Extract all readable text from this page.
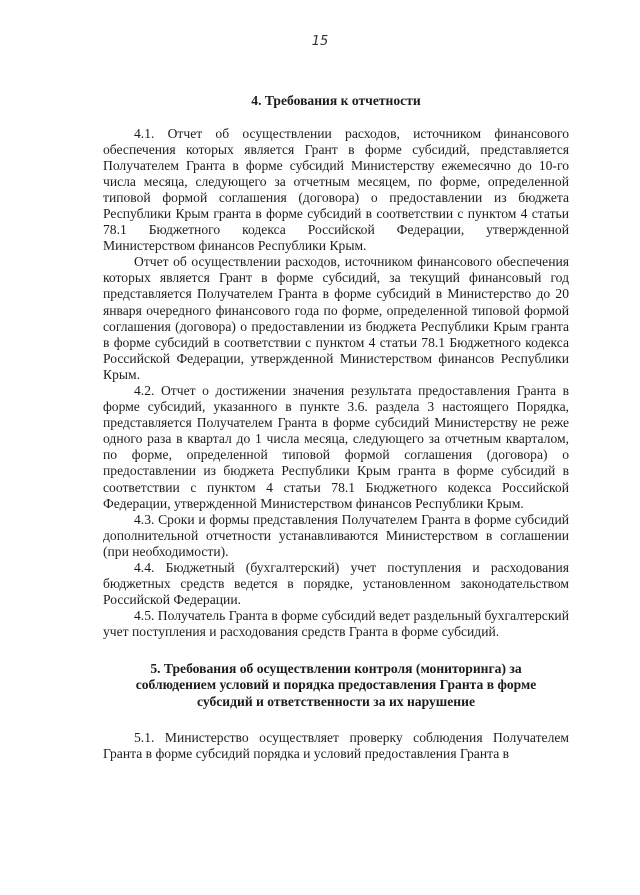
15
4. Требования к отчетности

4.1. Отчет об осуществлении расходов, источником финансового обеспечения которых является Грант в форме субсидий, представляется Получателем Гранта в форме субсидий Министерству ежемесячно до 10-го числа месяца, следующего за отчетным месяцем, по форме, определенной типовой формой соглашения (договора) о предоставлении из бюджета Республики Крым гранта в форме субсидий в соответствии с пунктом 4 статьи 78.1 Бюджетного кодекса Российской Федерации, утвержденной Министерством финансов Республики Крым.

Отчет об осуществлении расходов, источником финансового обеспечения которых является Грант в форме субсидий, за текущий финансовый год представляется Получателем Гранта в форме субсидий в Министерство до 20 января очередного финансового года по форме, определенной типовой формой соглашения (договора) о предоставлении из бюджета Республики Крым гранта в форме субсидий в соответствии с пунктом 4 статьи 78.1 Бюджетного кодекса Российской Федерации, утвержденной Министерством финансов Республики Крым.

4.2. Отчет о достижении значения результата предоставления Гранта в форме субсидий, указанного в пункте 3.6. раздела 3 настоящего Порядка, представляется Получателем Гранта в форме субсидий Министерству не реже одного раза в квартал до 1 числа месяца, следующего за отчетным кварталом, по форме, определенной типовой формой соглашения (договора) о предоставлении из бюджета Республики Крым гранта в форме субсидий в соответствии с пунктом 4 статьи 78.1 Бюджетного кодекса Российской Федерации, утвержденной Министерством финансов Республики Крым.

4.3. Сроки и формы представления Получателем Гранта в форме субсидий дополнительной отчетности устанавливаются Министерством в соглашении (при необходимости).

4.4. Бюджетный (бухгалтерский) учет поступления и расходования бюджетных средств ведется в порядке, установленном законодательством Российской Федерации.

4.5. Получатель Гранта в форме субсидий ведет раздельный бухгалтерский учет поступления и расходования средств Гранта в форме субсидий.

5. Требования об осуществлении контроля (мониторинга) за
соблюдением условий и порядка предоставления Гранта в форме
субсидий и ответственности за их нарушение

5.1. Министерство осуществляет проверку соблюдения Получателем Гранта в форме субсидий порядка и условий предоставления Гранта в
